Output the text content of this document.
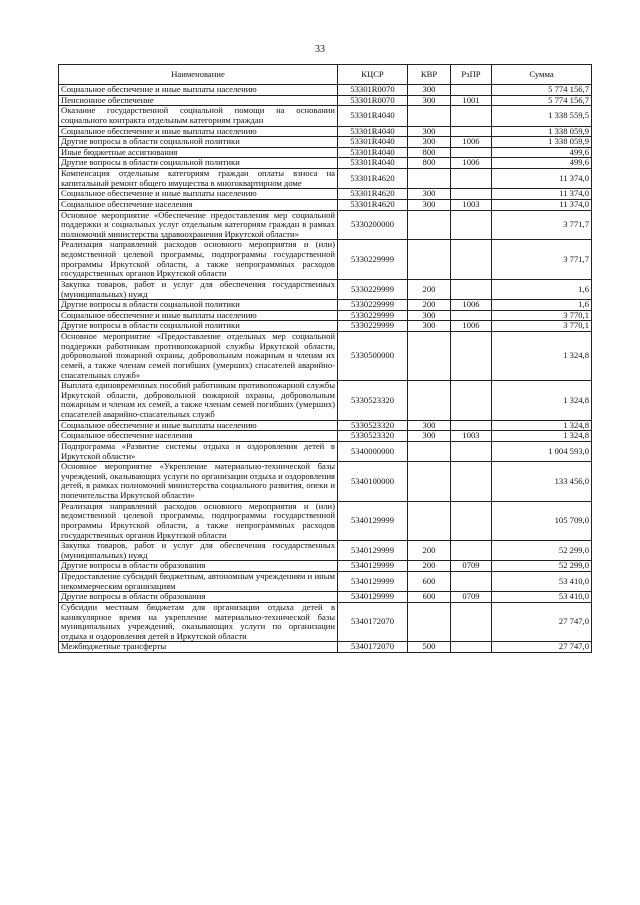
33
Наименование	КЦСР	КВР	РзПР	Сумма
Социальное обеспечение и иные выплаты населению	53301R0070	300		5 774 156,7
Пенсионное обеспечение	53301R0070	300	1001	5 774 156,7
Оказание государственной социальной помощи на основании социального контракта отдельным категориям граждан	53301R4040			1 338 559,5
Социальное обеспечение и иные выплаты населению	53301R4040	300		1 338 059,9
Другие вопросы в области социальной политики	53301R4040	300	1006	1 338 059,9
Иные бюджетные ассигнования	53301R4040	800		499,6
Другие вопросы в области социальной политики	53301R4040	800	1006	499,6
Компенсация отдельным категориям граждан оплаты взноса на капитальный ремонт общего имущества в многоквартирном доме	53301R4620			11 374,0
Социальное обеспечение и иные выплаты населению	53301R4620	300		11 374,0
Социальное обеспечение населения	53301R4620	300	1003	11 374,0
Основное мероприятие «Обеспечение предоставления мер социальной поддержки и социальных услуг отдельным категориям граждан в рамках полномочий министерства здравоохранения Иркутской области»	5330200000			3 771,7
Реализация направлений расходов основного мероприятия и (или) ведомственной целевой программы, подпрограммы государственной программы Иркутской области, а также непрограммных расходов государственных органов Иркутской области	5330229999			3 771,7
Закупка товаров, работ и услуг для обеспечения государственных (муниципальных) нужд	5330229999	200		1,6
Другие вопросы в области социальной политики	5330229999	200	1006	1,6
Социальное обеспечение и иные выплаты населению	5330229999	300		3 770,1
Другие вопросы в области социальной политики	5330229999	300	1006	3 770,1
Основное мероприятие «Предоставление отдельных мер социальной поддержки работникам противопожарной службы Иркутской области, добровольной пожарной охраны, добровольным пожарным и членам их семей, а также членам семей погибших (умерших) спасателей аварийно-спасательных служб»	5330500000			1 324,8
Выплата единовременных пособий работникам противопожарной службы Иркутской области, добровольной пожарной охраны, добровольным пожарным и членам их семей, а также членам семей погибших (умерших) спасателей аварийно-спасательных служб	5330523320			1 324,8
Социальное обеспечение и иные выплаты населению	5330523320	300		1 324,8
Социальное обеспечение населения	5330523320	300	1003	1 324,8
Подпрограмма «Развитие системы отдыха и оздоровления детей в Иркутской области»	5340000000			1 004 593,0
Основное мероприятие «Укрепление материально-технической базы учреждений, оказывающих услуги по организации отдыха и оздоровления детей, в рамках полномочий министерства социального развития, опеки и попечительства Иркутской области»	5340100000			133 456,0
Реализация направлений расходов основного мероприятия и (или) ведомственной целевой программы, подпрограммы государственной программы Иркутской области, а также непрограммных расходов государственных органов Иркутской области	5340129999			105 709,0
Закупка товаров, работ и услуг для обеспечения государственных (муниципальных) нужд	5340129999	200		52 299,0
Другие вопросы в области образования	5340129999	200	0709	52 299,0
Предоставление субсидий бюджетным, автономным учреждениям и иным некоммерческим организациям	5340129999	600		53 410,0
Другие вопросы в области образования	5340129999	600	0709	53 410,0
Субсидии местным бюджетам для организации отдыха детей в каникулярное время на укрепление материально-технической базы муниципальных учреждений, оказывающих услуги по организации отдыха и оздоровления детей в Иркутской области	5340172070			27 747,0
Межбюджетные трансферты	5340172070	500		27 747,0
